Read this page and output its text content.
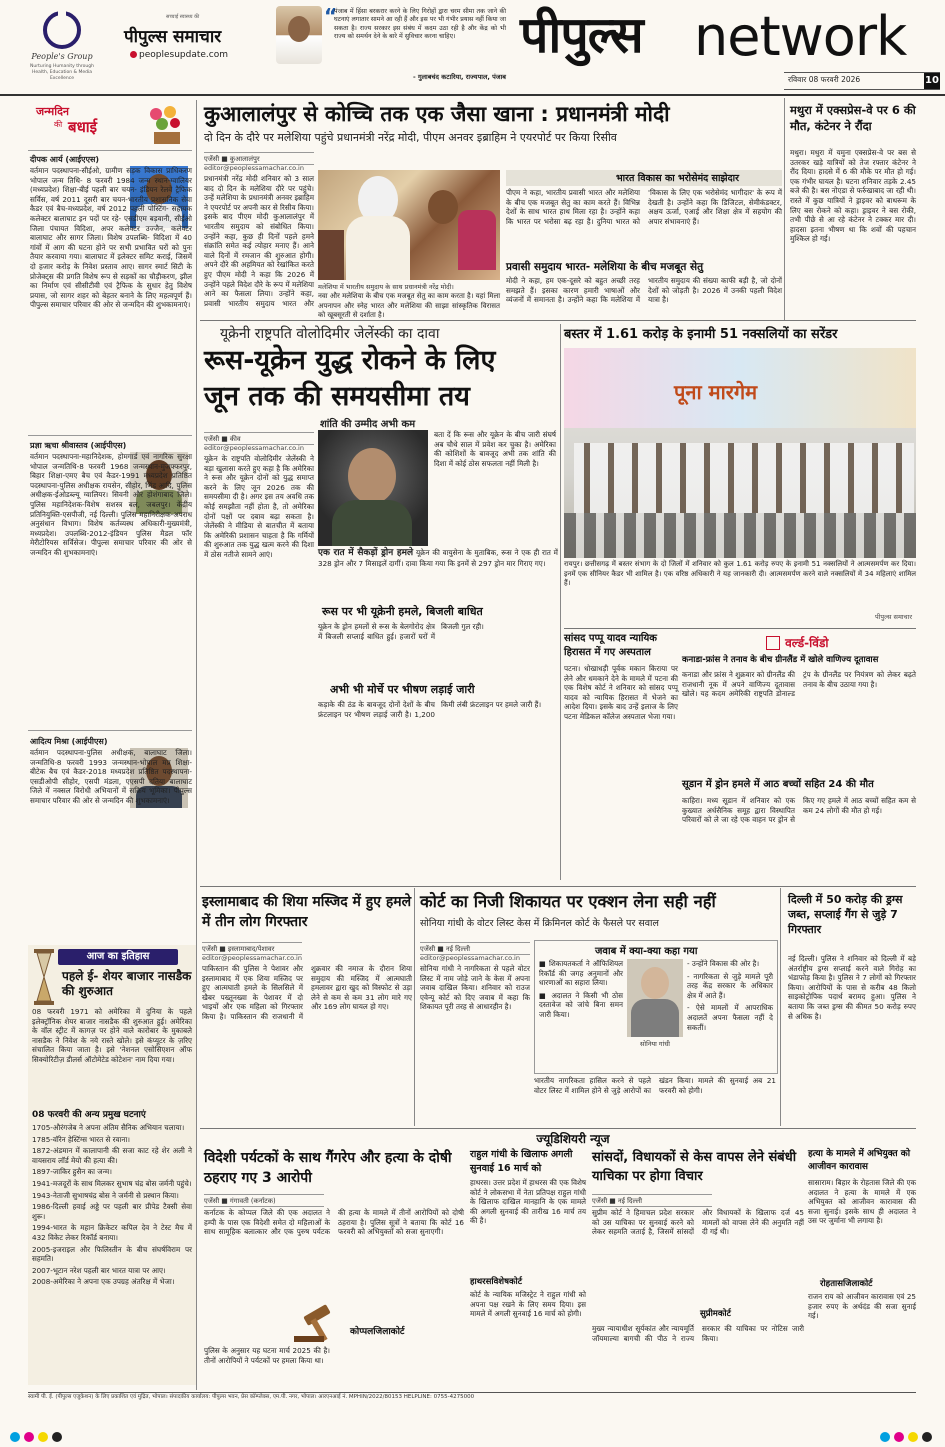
People's Group
Nurturing Humanity through Health, Education & Media Excellence
सच्चाई स्वास्थ्य की
पीपुल्स समाचार
peoplesupdate.com
“
पंजाब में हिंसा बरकरार करने के लिए गिरोहों द्वारा चरम सीमा तक जाने की घटनाएं लगातार सामने आ रही हैं और इस पर भी गंभीर प्रयास नहीं किया जा सकता है। राज्य सरकार इस संबंध में कदम उठा रही है और केंद्र को भी राज्य को समर्थन देने के बारे में सुविचार करना चाहिए।
- गुलाबचंद कटारिया, राज्यपाल, पंजाब
पीपुल्स network
रविवार 08 फरवरी 2026	10
जन्मदिन
की बधाई
दीपक आर्य (आईएएस)
वर्तमान पदस्थापना-सीईओ, ग्रामीण सड़क विकास प्राधिकरण भोपाल जन्म तिथि- 8 फरवरी 1984 जन्म स्थान-ग्वालियर (मध्यप्रदेश) शिक्षा-बीई पहली बार चयन- इंडियन रेलवे ट्रैफिक सर्विस, वर्ष 2011 दूसरी बार चयन-भारतीय प्रशासनिक सेवा कैडर एवं बैच-मध्यप्रदेश, वर्ष 2012 पहली पोस्टिंग- सहायक कलेक्टर बालाघाट इन पदों पर रहे- एसडीएम बड़वानी, सीईओ जिला पंचायत विदिशा, अपर कलेक्टर उज्जैन, कलेक्टर बालाघाट और सागर जिला। विशेष उपलब्धि- विदिशा में 40 गांवों में आग की घटना होने पर सभी प्रभावित घरों को पुनः तैयार करवाया गया। बालाघाट में इलेक्टर समिट कराई, जिसमें दो हजार करोड़ के निवेश प्रस्ताव आए। सागर स्मार्ट सिटी के प्रोजेक्ट्स की प्रगति विशेष रूप से सड़कों का चौड़ीकरण, झील का निर्माण एवं सीसीटीवी एवं ट्रैफिक के सुधार हेतु विशेष प्रयास, जो सागर शहर को बेहतर बनाने के लिए महत्वपूर्ण हैं। पीपुल्स समाचार परिवार की ओर से जन्मदिन की शुभकामनाएं।
प्रज्ञा ऋचा श्रीवास्तव (आईपीएस)
वर्तमान पदस्थापना-महानिदेशक, होमगार्ड एवं नागरिक सुरक्षा भोपाल जन्मतिथि-8 फरवरी 1968 जन्मस्थान-मुजफ्फरपुर, बिहार शिक्षा-एमए बैच एवं कैडर-1991 मध्यप्रदेश प्रतिष्ठित पदस्थापना-पुलिस अधीक्षक रायसेन, सीहोर, भिंड आदि, पुलिस अधीक्षक-ईओडब्ल्यू ग्वालियर। सिवनी और होशंगाबाद जिले। पुलिस महानिदेशक-विशेष सशस्त्र बल, जबलपुर। केंद्रीय प्रतिनियुक्ति-एसपीजी, नई दिल्ली। पुलिस महानिरीक्षक-अपराध अनुसंधान विभाग। विशेष कर्तव्यस्थ अधिकारी-मुख्यमंत्री, मध्यप्रदेश। उपलब्धि-2012-इंडियन पुलिस मैडल फॉर मेरीटोरियस सर्विसेज। पीपुल्स समाचार परिवार की ओर से जन्मदिन की शुभकामनाएं।
आदित्य मिश्रा (आईपीएस)
वर्तमान पदस्थापना-पुलिस अधीक्षक, बालाघाट जिला। जन्मतिथि-8 फरवरी 1993 जन्मस्थान-भोपाल मप्र शिक्षा-बीटेक बैच एवं कैडर-2018 मध्यप्रदेश प्रतिष्ठित पदस्थापना-एसडीओपी सीहोर, एसपी मंडला, एएसपी दतिया बालाघाट जिले में नक्सल विरोधी अभियानों में सक्रिय भूमिका। पीपुल्स समाचार परिवार की ओर से जन्मदिन की शुभकामनाएं।
आज का इतिहास
पहले ई- शेयर बाजार नासडैक की शुरुआत
08 फरवरी 1971 को अमेरिका में दुनिया के पहले इलेक्ट्रॉनिक शेयर बाजार नासडैक की शुरुआत हुई। अमेरिका के वॉल स्ट्रीट में कागज़ पर होने वाले कारोबार के मुकाबले नासडैक ने निवेश के नये रास्ते खोले। इसे कंप्यूटर के ज़रिए संचालित किया जाता है। इसे 'नेशनल एसोसिएशन ऑफ सिक्योरिटीज़ डीलर्स ऑटोमेटेड कोटेशन' नाम दिया गया।
08 फरवरी की अन्य प्रमुख घटनाएं
1705-औरंगजेब ने अपना अंतिम सैनिक अभियान चलाया।
1785-वॉरेन हेस्टिंग्स भारत से रवाना।
1872-अंडमान में कालापानी की सजा काट रहे शेर अली ने वायसराय लॉर्ड मेयो की हत्या की।
1897-जाकिर हुसैन का जन्म।
1941-मजदूरों के साथ मिलकर सुभाष चंद्र बोस जर्मनी पहुंचे।
1943-नेताजी सुभाषचंद्र बोस ने जर्मनी से प्रस्थान किया।
1986-दिल्ली हवाई अड्डे पर पहली बार प्रीपेड टैक्सी सेवा शुरू।
1994-भारत के महान क्रिकेटर कपिल देव ने टेस्ट मैच में 432 विकेट लेकर रिकॉर्ड बनाया।
2005-इजराइल और फिलिस्तीन के बीच संघर्षविराम पर सहमति।
2007-भूटान नरेश पहली बार भारत यात्रा पर आए।
2008-अमेरिका ने अपना एक उपग्रह अंतरिक्ष में भेजा।
कुआलालंपुर से कोच्चि तक एक जैसा खाना : प्रधानमंत्री मोदी
दो दिन के दौरे पर मलेशिया पहुंचे प्रधानमंत्री नरेंद्र मोदी, पीएम अनवर इब्राहिम ने एयरपोर्ट पर किया रिसीव
एजेंसी ■ कुआलालंपुर
editor@peoplessamachar.co.in
प्रधानमंत्री नरेंद्र मोदी शनिवार को 3 साल बाद दो दिन के मलेशिया दौरे पर पहुंचे। उन्हें मलेशिया के प्रधानमंत्री अनवर इब्राहिम ने एयरपोर्ट पर अपनी कार से रिसीव किया। इसके बाद पीएम मोदी कुआलालंपुर में भारतीय समुदाय को संबोधित किया। उन्होंने कहा, कुछ ही दिनों पहले हमने संक्रांति समेत कई त्योहार मनाए हैं। आने वाले दिनों में रमजान की शुरुआत होगी। अपने दौरे की अहमियत को रेखांकित करते हुए पीएम मोदी ने कहा कि 2026 में उन्होंने पहले विदेश दौरे के रूप में मलेशिया आने का फैसला लिया। उन्होंने कहा, प्रवासी भारतीय समुदाय भारत और
मलेशिया में भारतीय समुदाय के साथ प्रधानमंत्री नरेंद्र मोदी।
नवा और मलेशिया के बीच एक मजबूत सेतु का काम करता है। यहां मिला अपनापन और स्नेह भारत और मलेशिया की साझा सांस्कृतिक विरासत को खूबसूरती से दर्शाता है।
भारत विकास का भरोसेमंद साझेदार
पीएम ने कहा, भारतीय प्रवासी भारत और मलेशिया के बीच एक मजबूत सेतु का काम करते हैं। विभिन्न देशों के साथ भारत हाथ मिला रहा है। उन्होंने कहा कि भारत पर भरोसा बढ़ रहा है। दुनिया भारत को 'विकास के लिए एक भरोसेमंद भागीदार' के रूप में देखती है। उन्होंने कहा कि डिजिटल, सेमीकंडक्टर, अक्षय ऊर्जा, एआई और शिक्षा क्षेत्र में सहयोग की अपार संभावनाएं हैं।
प्रवासी समुदाय भारत- मलेशिया के बीच मजबूत सेतु
मोदी ने कहा, हम एक-दूसरे को बहुत अच्छी तरह समझते हैं। इसका कारण हमारी भाषाओं और व्यंजनों में समानता है। उन्होंने कहा कि मलेशिया में भारतीय समुदाय की संख्या काफी बड़ी है, जो दोनों देशों को जोड़ती है। 2026 में उनकी पहली विदेश यात्रा है।
मथुरा में एक्सप्रेस-वे पर 6 की मौत, कंटेनर ने रौंदा
मथुरा। मथुरा में यमुना एक्सप्रेस-वे पर बस से उतरकर खड़े यात्रियों को तेज रफ्तार कंटेनर ने रौंद दिया। हादसे में 6 की मौके पर मौत हो गई। एक गंभीर घायल है। घटना शनिवार तड़के 2.45 बजे की है। बस नोएडा से फर्रुखाबाद जा रही थी। रास्ते में कुछ यात्रियों ने ड्राइवर को बाथरूम के लिए बस रोकने को कहा। ड्राइवर ने बस रोकी, तभी पीछे से आ रहे कंटेनर ने टक्कर मार दी। हादसा इतना भीषण था कि शवों की पहचान मुश्किल हो गई।
यूक्रेनी राष्ट्रपति वोलोदिमीर जेलेंस्की का दावा
रूस-यूक्रेन युद्ध रोकने के लिए
जून तक की समयसीमा तय
शांति की उम्मीद अभी कम
एजेंसी ■ कीव
editor@peoplessamachar.co.in
यूक्रेन के राष्ट्रपति वोलोदिमीर जेलेंस्की ने बड़ा खुलासा करते हुए कहा है कि अमेरिका ने रूस और यूक्रेन दोनों को युद्ध समाप्त करने के लिए जून 2026 तक की समयसीमा दी है। अगर इस तय अवधि तक कोई समझौता नहीं होता है, तो अमेरिका दोनों पक्षों पर दबाव बढ़ा सकता है। जेलेंस्की ने मीडिया से बातचीत में बताया कि अमेरिकी प्रशासन चाहता है कि गर्मियों की शुरुआत तक युद्ध खत्म करने की दिशा में ठोस नतीजे सामने आएं।
बता दें कि रूस और यूक्रेन के बीच जारी संघर्ष अब चौथे साल में प्रवेश कर चुका है। अमेरिका की कोशिशों के बावजूद अभी तक शांति की दिशा में कोई ठोस सफलता नहीं मिली है।
एक रात में सैकड़ों ड्रोन हमले यूक्रेन की वायुसेना के मुताबिक, रूस ने एक ही रात में 328 ड्रोन और 7 मिसाइलें दागीं। दावा किया गया कि इनमें से 297 ड्रोन मार गिराए गए।
रूस पर भी यूक्रेनी हमले, बिजली बाधित
यूक्रेन के ड्रोन हमलों से रूस के बेलगोरोद क्षेत्र में बिजली सप्लाई बाधित हुई। हजारों घरों में बिजली गुल रही।
अभी भी मोर्चे पर भीषण लड़ाई जारी
कड़ाके की ठंड के बावजूद दोनों देशों के बीच फ्रंटलाइन पर भीषण लड़ाई जारी है। 1,200 किमी लंबी फ्रंटलाइन पर हमले जारी हैं।
बस्तर में 1.61 करोड़ के इनामी 51 नक्सलियों का सरेंडर
पूना मारगेम
रायपुर। छत्तीसगढ़ में बस्तर संभाग के दो जिलों में शनिवार को कुल 1.61 करोड़ रुपए के इनामी 51 नक्सलियों ने आत्मसमर्पण कर दिया। इनमें एक सीनियर कैडर भी शामिल है। एक वरिष्ठ अधिकारी ने यह जानकारी दी। आत्मसमर्पण करने वाले नक्सलियों में 34 महिलाएं शामिल हैं।
पीपुल्स समाचार
सांसद पप्पू यादव न्यायिक हिरासत में गए अस्पताल
पटना। धोखाधड़ी पूर्वक मकान किराया पर लेने और धमकाने देने के मामले में पटना की एक विशेष कोर्ट ने शनिवार को सांसद पप्पू यादव को न्यायिक हिरासत में भेजने का आदेश दिया। इसके बाद उन्हें इलाज के लिए पटना मेडिकल कॉलेज अस्पताल भेजा गया।
वर्ल्ड-विंडो
कनाडा-फ्रांस ने तनाव के बीच ग्रीनलैंड में खोले वाणिज्य दूतावास
कनाडा और फ्रांस ने शुक्रवार को ग्रीनलैंड की राजधानी नूक में अपने वाणिज्य दूतावास खोले। यह कदम अमेरिकी राष्ट्रपति डोनाल्ड ट्रंप के ग्रीनलैंड पर नियंत्रण को लेकर बढ़ते तनाव के बीच उठाया गया है।
सूडान में ड्रोन हमले में आठ बच्चों सहित 24 की मौत
काहिरा। मध्य सूडान में शनिवार को एक कुख्यात अर्धसैनिक समूह द्वारा विस्थापित परिवारों को ले जा रहे एक वाहन पर ड्रोन से किए गए हमले में आठ बच्चों सहित कम से कम 24 लोगों की मौत हो गई।
इस्लामाबाद की शिया मस्जिद में हुए हमले में तीन लोग गिरफ्तार
एजेंसी ■ इस्लामाबाद/पेशावर
editor@peoplessamachar.co.in
पाकिस्तान की पुलिस ने पेशावर और इस्लामाबाद में एक शिया मस्जिद पर हुए आत्मघाती हमले के सिलसिले में खैबर पख्तूनख्वा के पेशावर में दो भाइयों और एक महिला को गिरफ्तार किया है। पाकिस्तान की राजधानी में शुक्रवार की नमाज के दौरान शिया समुदाय की मस्जिद में आत्मघाती हमलावर द्वारा खुद को विस्फोट से उड़ा लेने से कम से कम 31 लोग मारे गए और 169 लोग घायल हो गए।
कोर्ट का निजी शिकायत पर एक्शन लेना सही नहीं
सोनिया गांधी के वोटर लिस्ट केस में क्रिमिनल कोर्ट के फैसले पर सवाल
एजेंसी ■ नई दिल्ली
editor@peoplessamachar.co.in
सोनिया गांधी ने नागरिकता से पहले वोटर लिस्ट में नाम जोड़े जाने के केस में अपना जवाब दाखिल किया। शनिवार को राउज एवेन्यू कोर्ट को दिए जवाब में कहा कि शिकायत पूरी तरह से आधारहीन है।
जवाब में क्या-क्या कहा गया
■ शिकायतकर्ता ने ऑफिशियल रिकॉर्ड की जगह अनुमानों और धारणाओं का सहारा लिया।
■ अदालत ने किसी भी ठोस दस्तावेज को जांचे बिना समन जारी किया।
सोनिया गांधी
- उन्होंने विकास की ओर है।
- नागरिकता से जुड़े मामले पूरी तरह केंद्र सरकार के अधिकार क्षेत्र में आते हैं।
- ऐसे मामलों में आपराधिक अदालतें अपना फैसला नहीं दे सकतीं।
भारतीय नागरिकता हासिल करने से पहले वोटर लिस्ट में शामिल होने से जुड़े आरोपों का खंडन किया। मामले की सुनवाई अब 21 फरवरी को होगी।
दिल्ली में 50 करोड़ की ड्रग्स जब्त, सप्लाई गैंग से जुड़े 7 गिरफ्तार
नई दिल्ली। पुलिस ने शनिवार को दिल्ली में बड़े अंतर्राष्ट्रीय ड्रग्स सप्लाई करने वाले गिरोह का भंडाफोड़ किया है। पुलिस ने 7 लोगों को गिरफ्तार किया। आरोपियों के पास से करीब 48 किलो साइकोट्रोपिक पदार्थ बरामद हुआ। पुलिस ने बताया कि जब्त ड्रग्स की कीमत 50 करोड़ रुपए से अधिक है।
ज्यूडिशियरी न्यूज
विदेशी पर्यटकों के साथ गैंगरेप और हत्या के दोषी ठहराए गए 3 आरोपी
एजेंसी ■ गंगावती (कर्नाटक)
कर्नाटक के कोप्पल जिले की एक अदालत ने हम्पी के पास एक विदेशी समेत दो महिलाओं के साथ सामूहिक बलात्कार और एक पुरुष पर्यटक की हत्या के मामले में तीनों आरोपियों को दोषी ठहराया है। पुलिस सूत्रों ने बताया कि कोर्ट 16 फरवरी को अभियुक्तों को सजा सुनाएगी।
कोप्पलजिलाकोर्ट
पुलिस के अनुसार यह घटना मार्च 2025 की है। तीनों आरोपियों ने पर्यटकों पर हमला किया था।
राहुल गांधी के खिलाफ अगली सुनवाई 16 मार्च को
हाथरस। उत्तर प्रदेश में हाथरस की एक विशेष कोर्ट ने लोकसभा में नेता प्रतिपक्ष राहुल गांधी के खिलाफ दाखिल मानहानि के एक मामले की अगली सुनवाई की तारीख 16 मार्च तय की है।
हाथरसविशेषकोर्ट
कोर्ट के न्यायिक मजिस्ट्रेट ने राहुल गांधी को अपना पक्ष रखने के लिए समय दिया। इस मामले में अगली सुनवाई 16 मार्च को होगी।
सांसदों, विधायकों से केस वापस लेने संबंधी याचिका पर होगा विचार
एजेंसी ■ नई दिल्ली
सुप्रीम कोर्ट ने हिमाचल प्रदेश सरकार को उस याचिका पर सुनवाई करने को लेकर सहमति जताई है, जिसमें सांसदों और विधायकों के खिलाफ दर्ज 45 मामलों को वापस लेने की अनुमति नहीं दी गई थी।
सुप्रीमकोर्ट
मुख्य न्यायाधीश सूर्यकांत और न्यायमूर्ति जॉयमाल्या बागची की पीठ ने राज्य सरकार की याचिका पर नोटिस जारी किया।
हत्या के मामले में अभियुक्त को आजीवन कारावास
सासाराम। बिहार के रोहतास जिले की एक अदालत ने हत्या के मामले में एक अभियुक्त को आजीवन कारावास की सजा सुनाई। इसके साथ ही अदालत ने उस पर जुर्माना भी लगाया है।
रोहतासजिलाकोर्ट
राजन राय को आजीवन कारावास एवं 25 हजार रुपए के अर्थदंड की सजा सुनाई गई।
स्वामी पी. ई. (पीपुल्स एजुकेशन) के लिए प्रकाशित एवं मुद्रित, भोपाल। संपादकीय कार्यालय: पीपुल्स भवन, प्रेस कॉम्प्लेक्स, एम.पी. नगर, भोपाल। आरएनआई नं. MPHIN/2022/80153 HELPLINE: 0755-4275000
